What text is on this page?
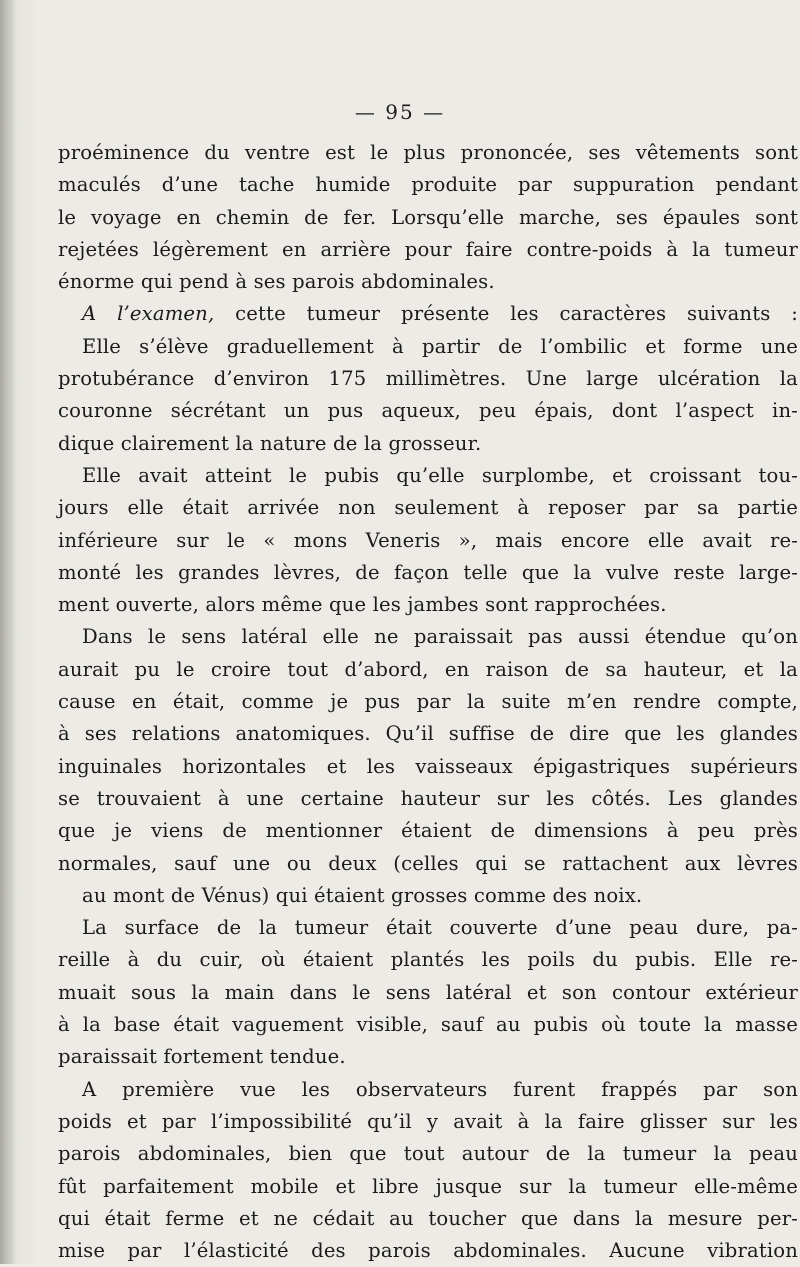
— 95 —
proéminence du ventre est le plus prononcée, ses vêtements sont
maculés d’une tache humide produite par suppuration pendant
le voyage en chemin de fer. Lorsqu’elle marche, ses épaules sont
rejetées légèrement en arrière pour faire contre-poids à la tumeur
énorme qui pend à ses parois abdominales.
A l’examen, cette tumeur présente les caractères suivants :
Elle s’élève graduellement à partir de l’ombilic et forme une
protubérance d’environ 175 millimètres. Une large ulcération la
couronne sécrétant un pus aqueux, peu épais, dont l’aspect in-
dique clairement la nature de la grosseur.
Elle avait atteint le pubis qu’elle surplombe, et croissant tou-
jours elle était arrivée non seulement à reposer par sa partie
inférieure sur le « mons Veneris », mais encore elle avait re-
monté les grandes lèvres, de façon telle que la vulve reste large-
ment ouverte, alors même que les jambes sont rapprochées.
Dans le sens latéral elle ne paraissait pas aussi étendue qu’on
aurait pu le croire tout d’abord, en raison de sa hauteur, et la
cause en était, comme je pus par la suite m’en rendre compte,
à ses relations anatomiques. Qu’il suffise de dire que les glandes
inguinales horizontales et les vaisseaux épigastriques supérieurs
se trouvaient à une certaine hauteur sur les côtés. Les glandes
que je viens de mentionner étaient de dimensions à peu près
normales, sauf une ou deux (celles qui se rattachent aux lèvres
au mont de Vénus) qui étaient grosses comme des noix.
La surface de la tumeur était couverte d’une peau dure, pa-
reille à du cuir, où étaient plantés les poils du pubis. Elle re-
muait sous la main dans le sens latéral et son contour extérieur
à la base était vaguement visible, sauf au pubis où toute la masse
paraissait fortement tendue.
A première vue les observateurs furent frappés par son
poids et par l’impossibilité qu’il y avait à la faire glisser sur les
parois abdominales, bien que tout autour de la tumeur la peau
fût parfaitement mobile et libre jusque sur la tumeur elle-même
qui était ferme et ne cédait au toucher que dans la mesure per-
mise par l’élasticité des parois abdominales. Aucune vibration
